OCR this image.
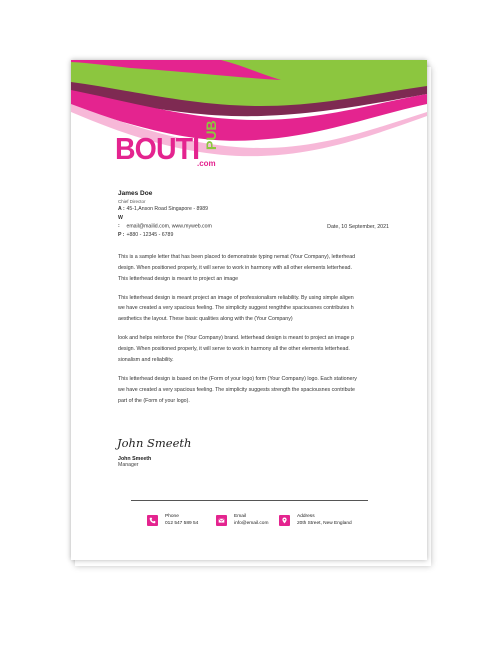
BOUTI PUB
.com
James Doe
Chief Director
A : 45-1,Anson Road Singapore - 8989
W : email@mailid.com, www.myweb.com
P : +880 - 12345 - 6789
Date, 10 September, 2021

This is a sample letter that has been placed to demonstrate typing nemat (Your Company), letterhead
design. When positioned properly, it will serve to work in harmony with all other elements letterhead.
This letterhead design is meant to project an image

This letterhead design is meant project an image of professionalism reliability. By using simple aligen
we have created a very spacious feeling. The simplicity suggest rengththe spaciousnes contributes h
aesthetics the layout. These basic qualities along with the (Your Company)

look and helps reinforce the (Your Company) brand. letterhead design is meant to project an image p
design. When positioned properly, it will serve to work in harmony all the other elements letterhead.
sionalism and reliability.

This letterhead design is based on the (Form of your logo) form (Your Company) logo. Each stationery
we have created a very spacious feeling. The simplicity suggests strength the spaciousnes contribute
part of the (Form of your logo).

John Smeeth
John Smeeth
Manager
Phone
012 547 589 54
Email
info@email.com
Address
20th Street, New England
